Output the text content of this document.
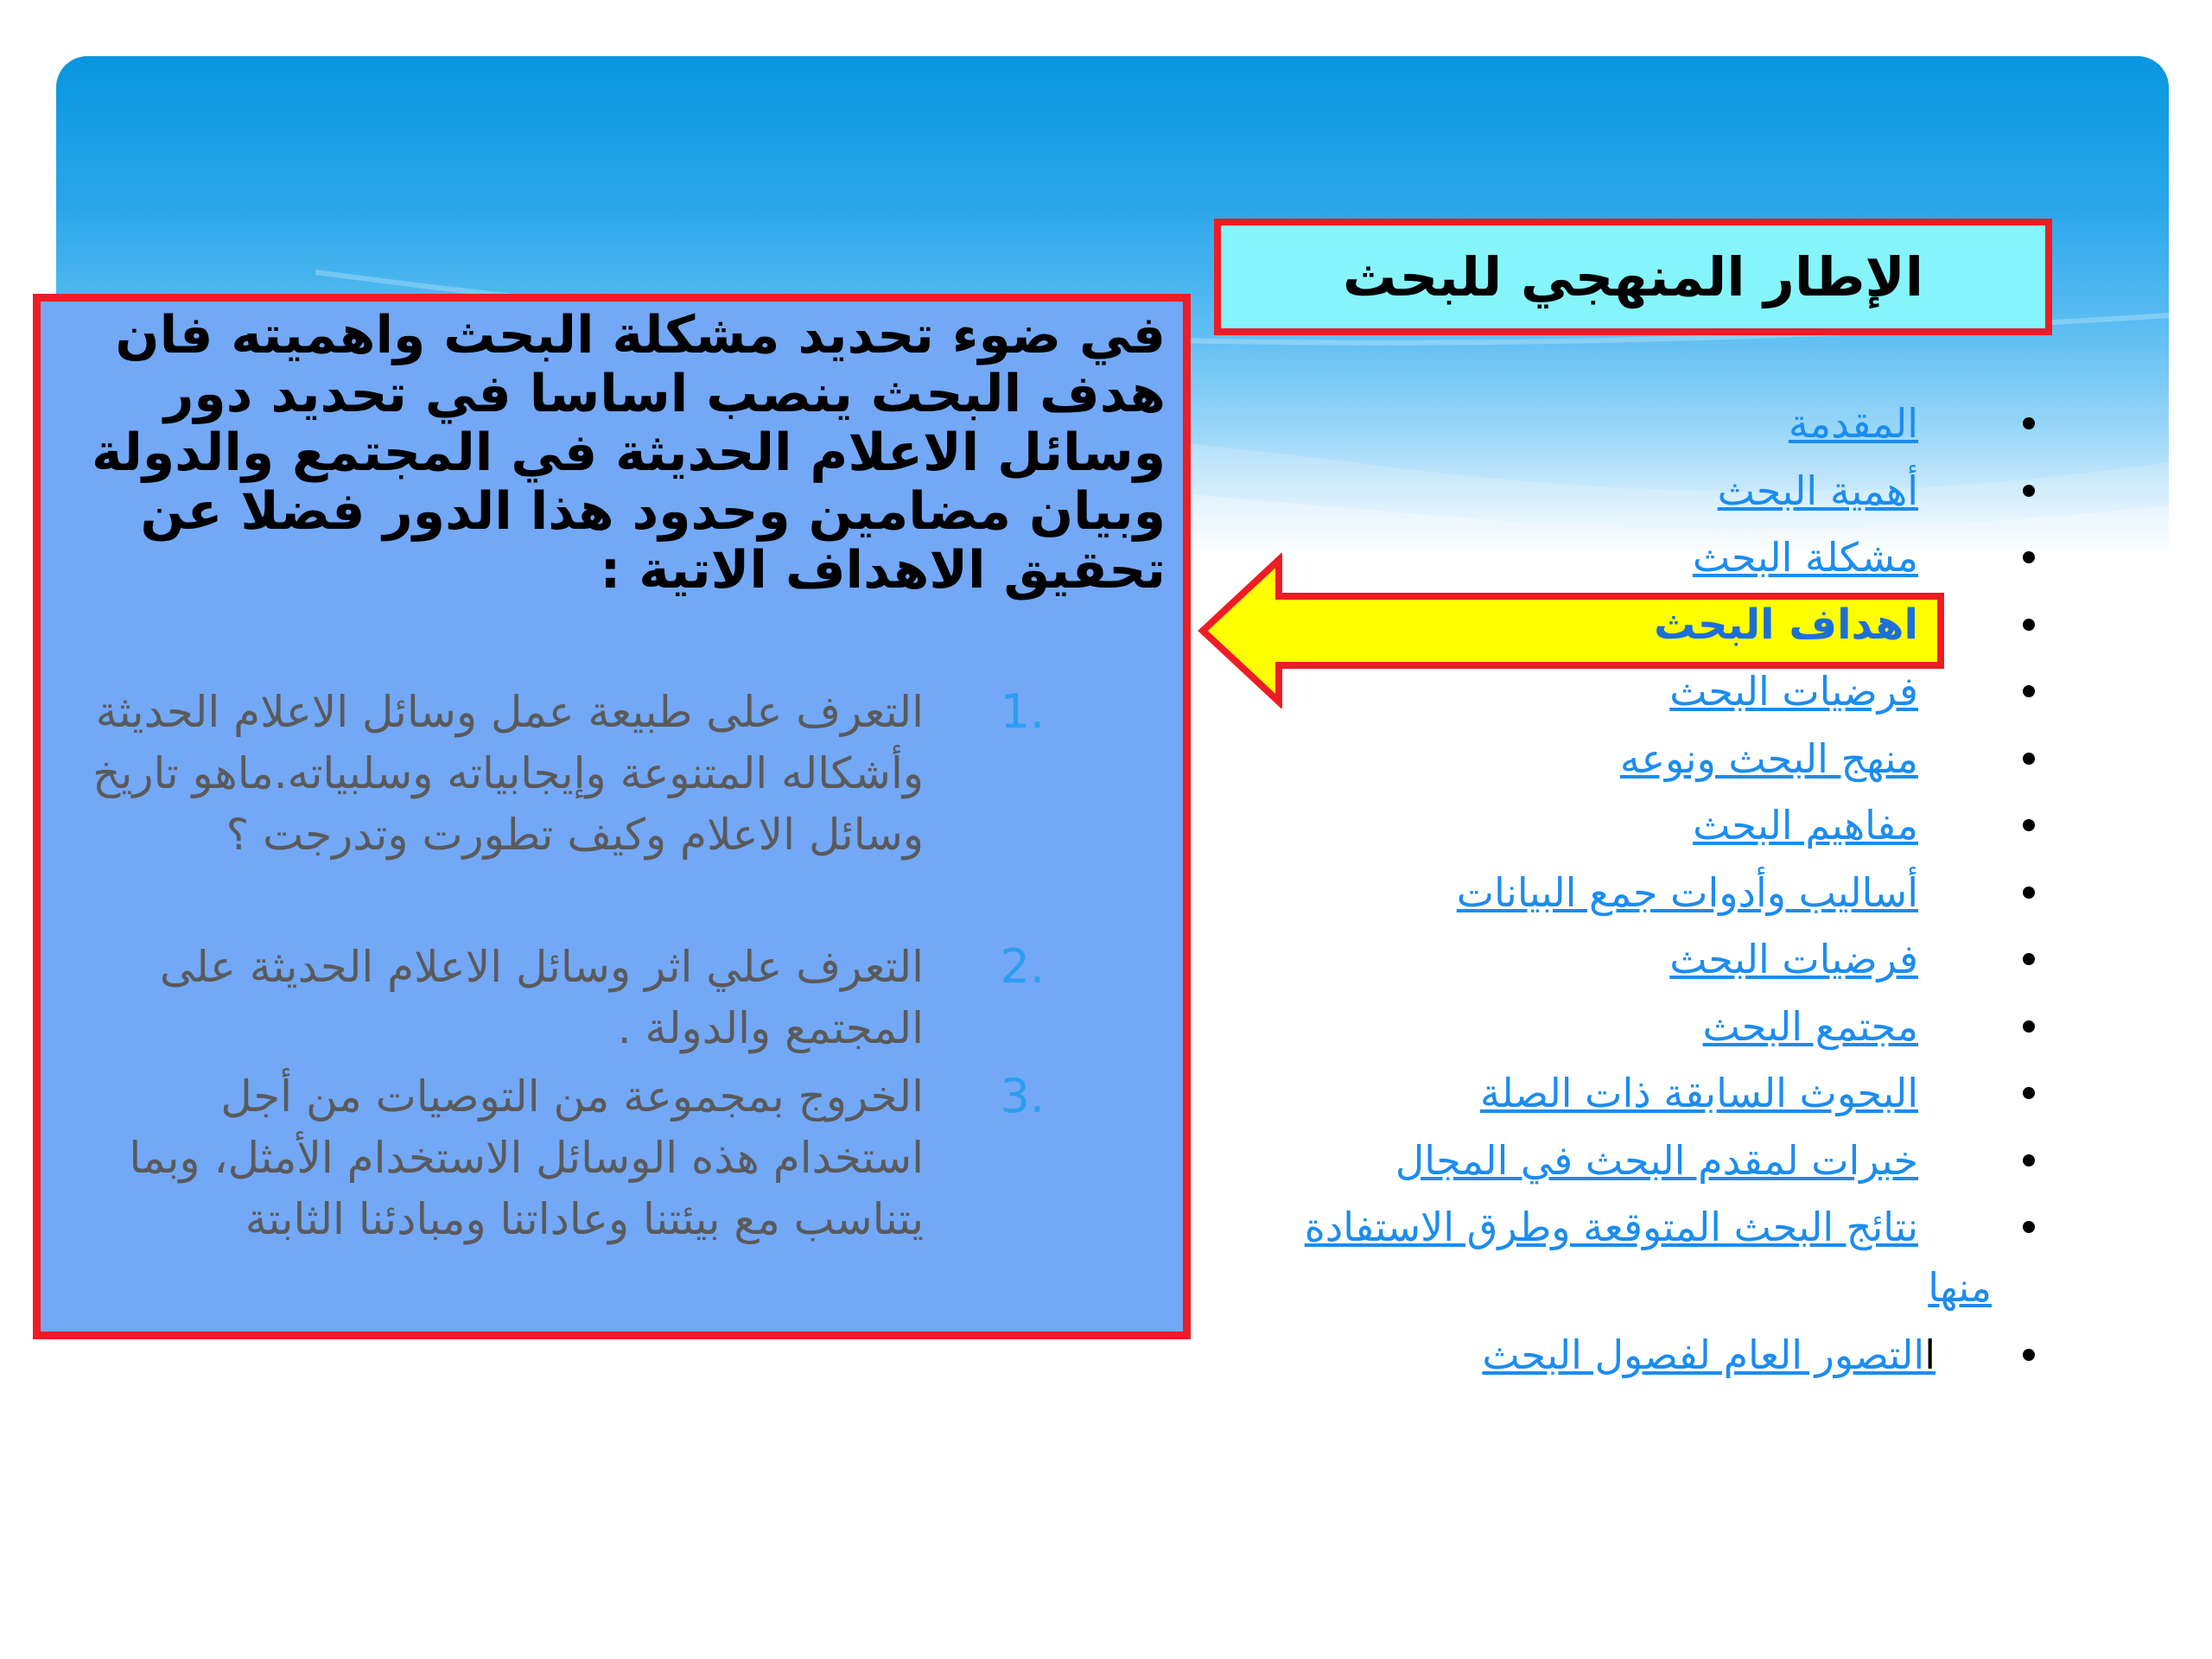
الإطار المنهجي للبحث

في ضوء تحديد مشكلة البحث واهميته فان هدف البحث ينصب اساسا في تحديد دور وسائل الاعلام الحديثة في المجتمع والدولة وبيان مضامين وحدود هذا الدور فضلا عن تحقيق الاهداف الاتية :

.1

التعرف على طبيعة عمل وسائل الاعلام الحديثة وأشكاله المتنوعة وإيجابياته وسلبياته.ماهو تاريخ وسائل الاعلام وكيف تطورت وتدرجت ؟

.2

التعرف علي اثر وسائل الاعلام الحديثة على المجتمع والدولة .

.3

الخروج بمجموعة من التوصيات من أجل استخدام هذه الوسائل الاستخدام الأمثل، وبما يتناسب مع بيئتنا وعاداتنا ومبادئنا الثابتة

المقدمة
أهمية البحث
مشكلة البحث
اهداف البحث
فرضيات البحث
منهج البحث ونوعه
مفاهيم البحث
أساليب وأدوات جمع البيانات
فرضيات البحث
مجتمع البحث
البحوث السابقة ذات الصلة
خبرات لمقدم البحث في المجال
نتائج البحث المتوقعة وطرق الاستفادة
منها
االتصور العام لفصول البحث
